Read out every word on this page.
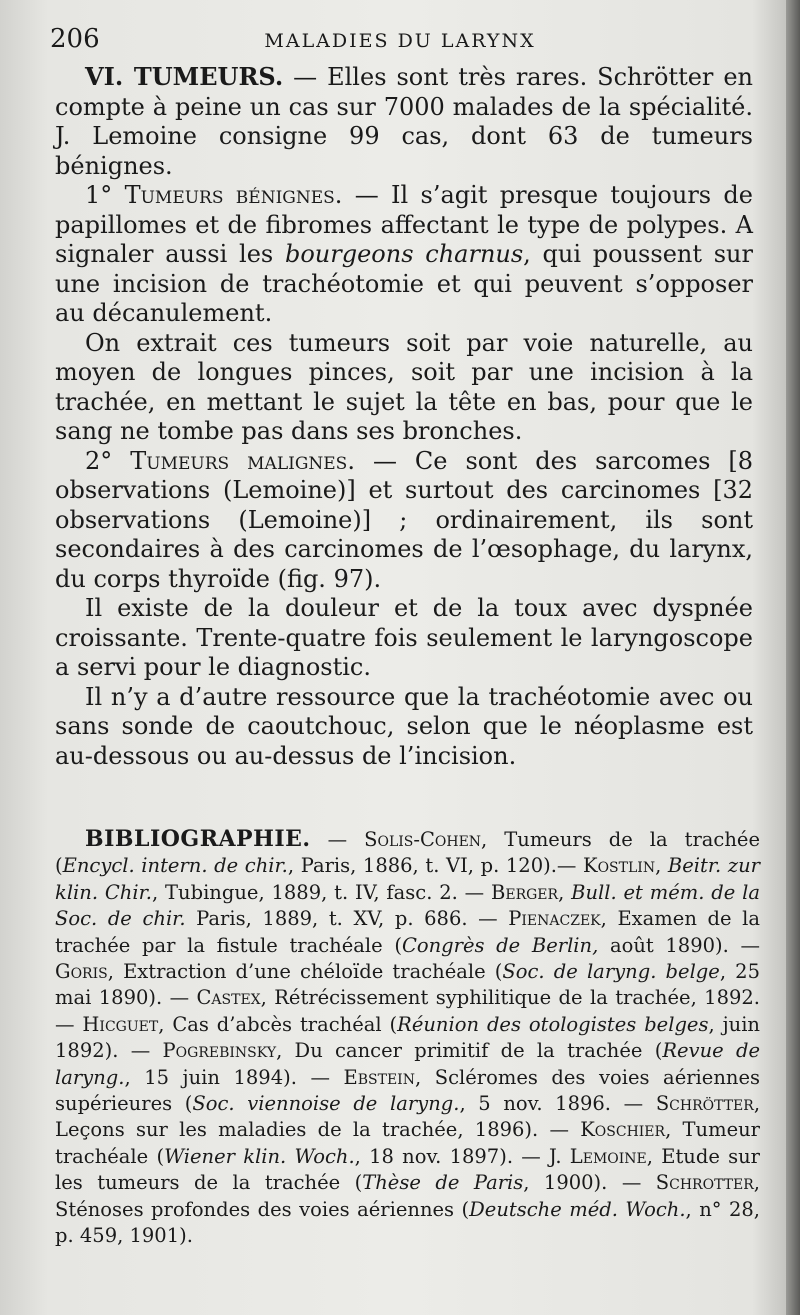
206	MALADIES DU LARYNX

VI. TUMEURS. — Elles sont très rares. Schrötter en compte à peine un cas sur 7000 malades de la spécialité. J. Lemoine consigne 99 cas, dont 63 de tumeurs bénignes.

1° Tumeurs bénignes. — Il s’agit presque toujours de papillomes et de fibromes affectant le type de polypes. A signaler aussi les bourgeons charnus, qui poussent sur une incision de trachéotomie et qui peuvent s’opposer au décanulement.

On extrait ces tumeurs soit par voie naturelle, au moyen de longues pinces, soit par une incision à la trachée, en mettant le sujet la tête en bas, pour que le sang ne tombe pas dans ses bronches.

2° Tumeurs malignes. — Ce sont des sarcomes [8 observations (Lemoine)] et surtout des carcinomes [32 observations (Lemoine)] ; ordinairement, ils sont secondaires à des carcinomes de l’œsophage, du larynx, du corps thyroïde (fig. 97).

Il existe de la douleur et de la toux avec dyspnée croissante. Trente-quatre fois seulement le laryngoscope a servi pour le diagnostic.

Il n’y a d’autre ressource que la trachéotomie avec ou sans sonde de caoutchouc, selon que le néoplasme est au-dessous ou au-dessus de l’incision.

BIBLIOGRAPHIE. — Solis-Cohen, Tumeurs de la trachée (Encycl. intern. de chir., Paris, 1886, t. VI, p. 120).— Kostlin, Beitr. zur klin. Chir., Tubingue, 1889, t. IV, fasc. 2. — Berger, Bull. et mém. de la Soc. de chir. Paris, 1889, t. XV, p. 686. — Pienaczek, Examen de la trachée par la fistule trachéale (Congrès de Berlin, août 1890). — Goris, Extraction d’une chéloïde trachéale (Soc. de laryng. belge, 25 mai 1890). — Castex, Rétrécissement syphilitique de la trachée, 1892. — Hicguet, Cas d’abcès trachéal (Réunion des otologistes belges, juin 1892). — Pogrebinsky, Du cancer primitif de la trachée (Revue de laryng., 15 juin 1894). — Ebstein, Scléromes des voies aériennes supérieures (Soc. viennoise de laryng., 5 nov. 1896. — Schrötter, Leçons sur les maladies de la trachée, 1896). — Koschier, Tumeur trachéale (Wiener klin. Woch., 18 nov. 1897). — J. Lemoine, Etude sur les tumeurs de la trachée (Thèse de Paris, 1900). — Schrotter, Sténoses profondes des voies aériennes (Deutsche méd. Woch., n° 28, p. 459, 1901).
